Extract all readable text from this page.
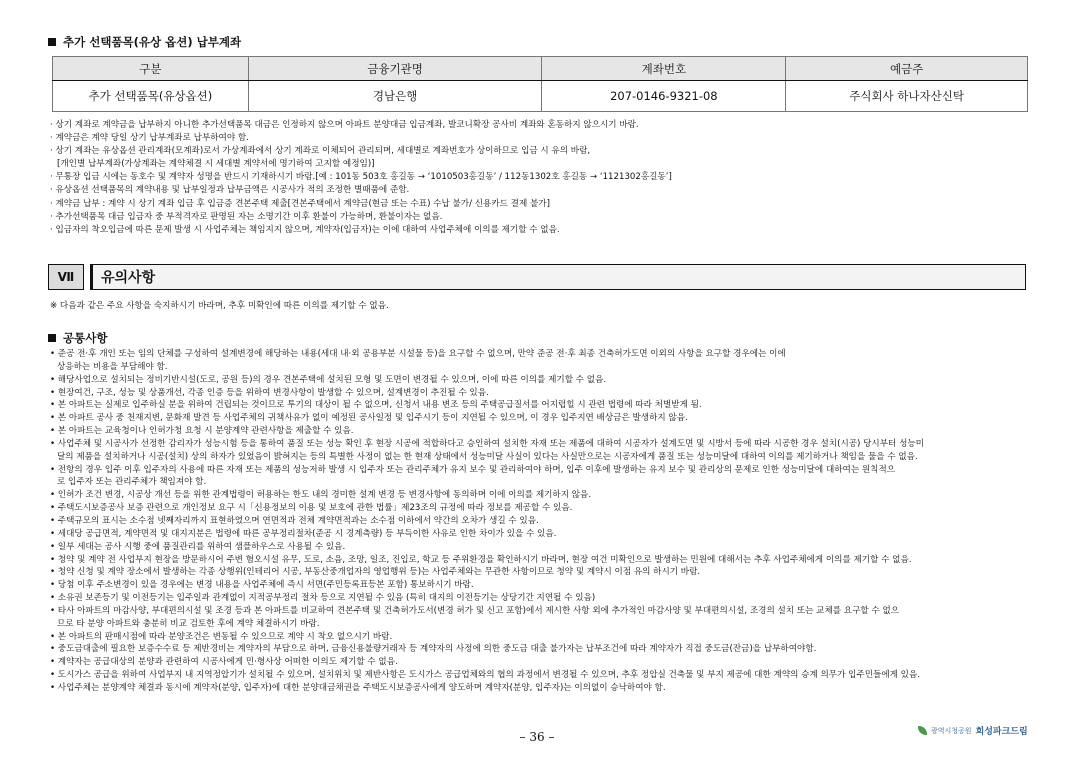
추가 선택품목(유상 옵션) 납부계좌
구분	금융기관명	계좌번호	예금주
추가 선택품목(유상옵션)	경남은행	207-0146-9321-08	주식회사 하나자산신탁
· 상기 계좌로 계약금을 납부하지 아니한 추가선택품목 대금은 인정하지 않으며 아파트 분양대금 입금계좌, 발코니확장 공사비 계좌와 혼동하지 않으시기 바람.
· 계약금은 계약 당일 상기 납부계좌로 납부하여야 함.
· 상기 계좌는 유상옵션 관리계좌(모계좌)로서 가상계좌에서 상기 계좌로 이체되어 관리되며, 세대별로 계좌번호가 상이하므로 입금 시 유의 바람,
[개인별 납부계좌(가상계좌는 계약체결 시 세대별 계약서에 명기하여 고지할 예정임)]
· 무통장 입금 시에는 동호수 및 계약자 성명을 반드시 기재하시기 바람.[예 : 101동 503호 홍길동 → ‘1010503홍길동’ / 112동1302호 홍길동 → ‘1121302홍길동’]
· 유상옵션 선택품목의 계약내용 및 납부일정과 납부금액은 시공사가 적의 조정한 별때품에 준함.
· 계약금 납부 : 계약 시 상기 계좌 입금 후 입금증 견본주택 제출[견본주택에서 계약금(현금 또는 수표) 수납 불가/ 신용카드 결제 불가]
· 추가선택품목 대금 입금자 중 부적격자로 판명된 자는 소명기간 이후 환불이 가능하며, 환불이자는 없음.
· 입금자의 착오입금에 따른 문제 발생 시 사업주체는 책임지지 않으며, 계약자(입금자)는 이에 대하여 사업주체에 이의를 제기할 수 없음.
Ⅶ	유의사항
※ 다음과 같은 주요 사항을 숙지하시기 바라며, 추후 미확인에 따른 이의를 제기할 수 없음.
공통사항
• 준공 전·후 개인 또는 임의 단체를 구성하여 설계변경에 해당하는 내용(세대 내·외 공용부분 시설물 등)을 요구할 수 없으며, 만약 준공 전·후 최종 건축허가도면 이외의 사항을 요구할 경우에는 이에
상응하는 비용을 부담해야 함.
• 해당사업으로 설치되는 정비기반시설(도로, 공원 등)의 경우 견본주택에 설치된 모형 및 도면이 변경될 수 있으며, 이에 따른 이의를 제기할 수 없음.
• 현장여건, 구조, 성능 및 상품개선, 각종 인증 등을 위하여 변경사항이 발생할 수 있으며, 설계변경이 추진될 수 있음.
• 본 아파트는 실제로 입주하실 분을 위하여 건립되는 것이므로 투기의 대상이 될 수 없으며, 신청서 내용 변조 등의 주택공급질서를 어지럽힐 시 관련 법령에 따라 처벌받게 됨.
• 본 아파트 공사 중 천재지변, 문화재 발견 등 사업주체의 귀책사유가 없이 예정된 공사일정 및 입주시기 등이 지연될 수 있으며, 이 경우 입주지연 배상금은 발생하지 않음.
• 본 아파트는 교육청이나 인허가청 요청 시 분양계약 관련사항을 제출할 수 있음.
• 사업주체 및 시공사가 선정한 감리자가 성능시험 등을 통하여 품질 또는 성능 확인 후 현장 시공에 적합하다고 승인하여 설치한 자재 또는 제품에 대하여 시공자가 설계도면 및 시방서 등에 따라 시공한 경우 설치(시공) 당시부터 성능미
달의 제품을 설치하거나 시공(설치) 상의 하자가 있었음이 밝혀지는 등의 특별한 사정이 없는 한 현재 상태에서 성능미달 사실이 있다는 사실만으로는 시공자에게 품질 또는 성능미달에 대하여 이의를 제기하거나 책임을 물을 수 없음.
• 전항의 경우 입주 이후 입주자의 사용에 따른 자재 또는 제품의 성능저하 발생 시 입주자 또는 관리주체가 유지 보수 및 관리하여야 하며, 입주 이후에 발생하는 유지 보수 및 관리상의 문제로 인한 성능미달에 대하여는 원칙적으
로 입주자 또는 관리주체가 책임져야 함.
• 인허가 조건 변경, 시공상 개선 등을 위한 관계법령이 허용하는 한도 내의 경미한 설계 변경 등 변경사항에 동의하며 이에 이의를 제기하지 않음.
• 주택도시보증공사 보증 관련으로 개인정보 요구 시「신용정보의 이용 및 보호에 관한 법률」제23조의 규정에 따라 정보를 제공할 수 있음.
• 주택규모의 표시는 소수점 넷째자리까지 표현하였으며 연면적과 전체 계약면적과는 소수점 이하에서 약간의 오차가 생길 수 있음.
• 세대당 공급면적, 계약면적 및 대지지분은 법령에 따른 공부정리절차(준공 시 경계측량) 등 부득이한 사유로 인한 차이가 있을 수 있음.
• 일부 세대는 공사 시행 중에 품질관리를 위하여 샘플하우스로 사용될 수 있음.
• 청약 및 계약 전 사업부지 현장을 방문하시어 주변 혐오시설 유무, 도로, 소음, 조망, 일조, 진입로, 학교 등 주위환경을 확인하시기 바라며, 현장 여건 미확인으로 발생하는 민원에 대해서는 추후 사업주체에게 이의를 제기할 수 없음.
• 청약 신청 및 계약 장소에서 발생하는 각종 상행위(인테리어 시공, 부동산중개업자의 영업행위 등)는 사업주체와는 무관한 사항이므로 청약 및 계약시 이점 유의 하시기 바람.
• 당첨 이후 주소변경이 있을 경우에는 변경 내용을 사업주체에 즉시 서면(주민등록표등본 포함) 통보하시기 바람.
• 소유권 보존등기 및 이전등기는 입주일과 관계없이 지적공부정리 절차 등으로 지연될 수 있음 (특히 대지의 이전등기는 상당기간 지연될 수 있음)
• 타사 아파트의 마감사양, 부대편의시설 및 조경 등과 본 아파트를 비교하여 견본주택 및 건축허가도서(변경 허가 및 신고 포함)에서 제시한 사항 외에 추가적인 마감사양 및 부대편의시설, 조경의 설치 또는 교체를 요구할 수 없으
므로 타 분양 아파트와 충분히 비교 검토한 후에 계약 체결하시기 바람.
• 본 아파트의 판매시점에 따라 분양조건은 변동될 수 있으므로 계약 시 착오 없으시기 바람.
• 중도금대출에 필요한 보증수수료 등 제반경비는 계약자의 부담으로 하며, 금융신용불량거래자 등 계약자의 사정에 의한 중도금 대출 불가자는 납부조건에 따라 계약자가 직접 중도금(잔금)을 납부하여야함.
• 계약자는 공급대상의 분양과 관련하여 시공사에게 민·형사상 어떠한 이의도 제기할 수 없음.
• 도시가스 공급을 위하여 사업부지 내 지역정압기가 설치될 수 있으며, 설치위치 및 제반사항은 도시가스 공급업체와의 협의 과정에서 변경될 수 있으며, 추후 정압실 건축물 및 부지 제공에 대한 계약의 승계 의무가 입주민들에게 있음.
• 사업주체는 분양계약 체결과 동시에 계약자(분양, 입주자)에 대한 분양대금채권을 주택도시보증공사에게 양도하며 계약자(분양, 입주자)는 이의없이 승낙하여야 함.
– 36 –	광역시청공원 희성파크드림
